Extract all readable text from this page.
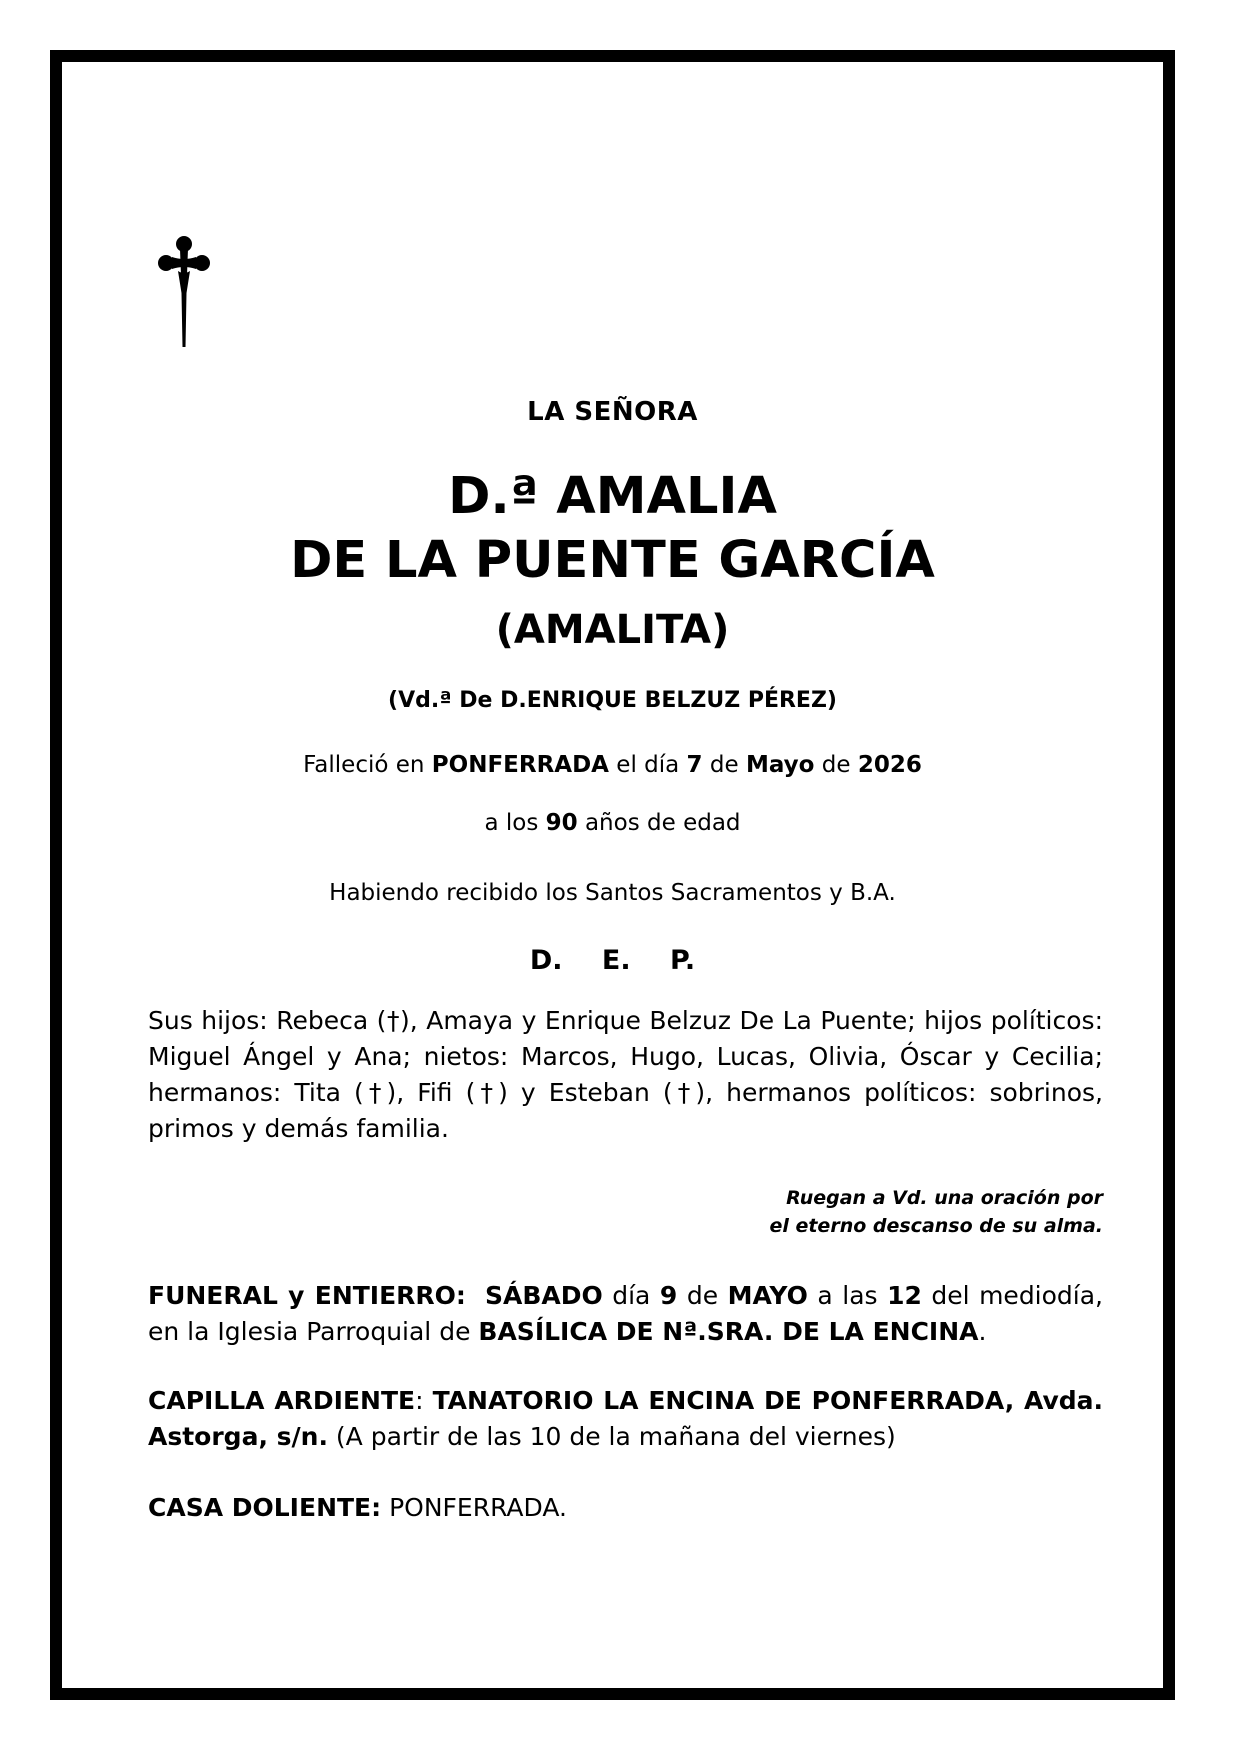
LA SEÑORA
D.ª AMALIA
DE LA PUENTE GARCÍA
(AMALITA)
(Vd.ª De D.ENRIQUE BELZUZ PÉREZ)
Falleció en PONFERRADA el día 7 de Mayo de 2026
a los 90 años de edad
Habiendo recibido los Santos Sacramentos y B.A.
D. E. P.
Sus hijos: Rebeca (†), Amaya y Enrique Belzuz De La Puente; hijos políticos: Miguel Ángel y Ana; nietos: Marcos, Hugo, Lucas, Olivia, Óscar y Cecilia; hermanos: Tita (†), Fifi (†) y Esteban (†), hermanos políticos: sobrinos, primos y demás familia.
Ruegan a Vd. una oración por
el eterno descanso de su alma.
FUNERAL y ENTIERRO: SÁBADO día 9 de MAYO a las 12 del mediodía, en la Iglesia Parroquial de BASÍLICA DE Nª.SRA. DE LA ENCINA.
CAPILLA ARDIENTE: TANATORIO LA ENCINA DE PONFERRADA, Avda. Astorga, s/n. (A partir de las 10 de la mañana del viernes)
CASA DOLIENTE: PONFERRADA.
